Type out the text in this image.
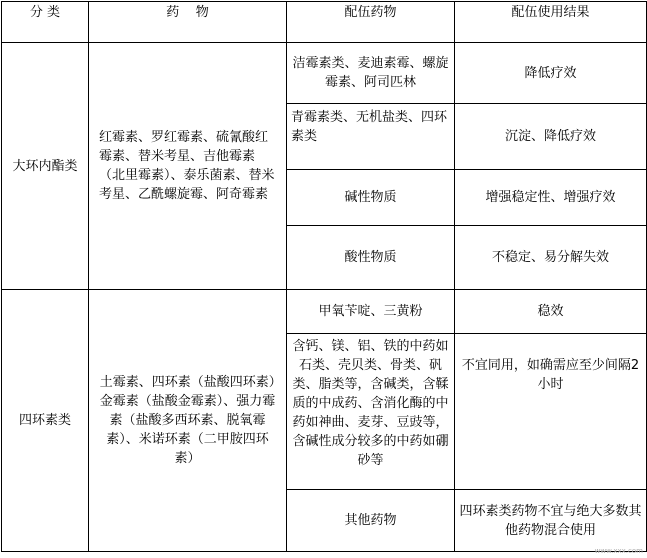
分 类	药    物	配伍药物	配伍使用结果
大环内酯类	红霉素、罗红霉素、硫氰酸红霉素、替米考星、吉他霉素（北里霉素）、泰乐菌素、替米考星、乙酰螺旋霉、阿奇霉素	洁霉素类、麦迪素霉、螺旋霉素、阿司匹林	降低疗效
		青霉素类、无机盐类、四环素类	沉淀、降低疗效
		碱性物质	增强稳定性、增强疗效
		酸性物质	不稳定、易分解失效
四环素类	土霉素、四环素（盐酸四环素）金霉素（盐酸金霉素）、强力霉素（盐酸多西环素、脱氧霉素）、米诺环素（二甲胺四环素）	甲氧苄啶、三黄粉	稳效
		含钙、镁、铝、铁的中药如石类、壳贝类、骨类、矾类、脂类等，含碱类，含鞣质的中成药、含消化酶的中药如神曲、麦芽、豆豉等，含碱性成分较多的中药如硼砂等	不宜同用，如确需应至少间隔2小时
		其他药物	四环素类药物不宜与绝大多数其他药物混合使用
www.xxx.com
